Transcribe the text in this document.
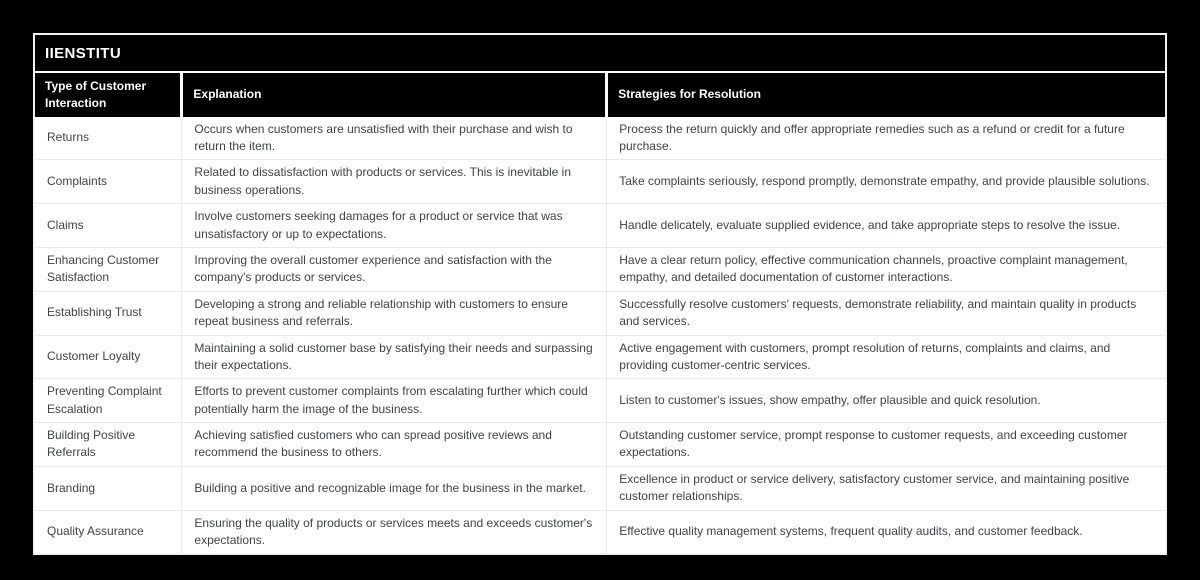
IIENSTITU
Type of Customer Interaction	Explanation	Strategies for Resolution
Returns	Occurs when customers are unsatisfied with their purchase and wish to return the item.	Process the return quickly and offer appropriate remedies such as a refund or credit for a future purchase.
Complaints	Related to dissatisfaction with products or services. This is inevitable in business operations.	Take complaints seriously, respond promptly, demonstrate empathy, and provide plausible solutions.
Claims	Involve customers seeking damages for a product or service that was unsatisfactory or up to expectations.	Handle delicately, evaluate supplied evidence, and take appropriate steps to resolve the issue.
Enhancing Customer Satisfaction	Improving the overall customer experience and satisfaction with the company's products or services.	Have a clear return policy, effective communication channels, proactive complaint management, empathy, and detailed documentation of customer interactions.
Establishing Trust	Developing a strong and reliable relationship with customers to ensure repeat business and referrals.	Successfully resolve customers' requests, demonstrate reliability, and maintain quality in products and services.
Customer Loyalty	Maintaining a solid customer base by satisfying their needs and surpassing their expectations.	Active engagement with customers, prompt resolution of returns, complaints and claims, and providing customer-centric services.
Preventing Complaint Escalation	Efforts to prevent customer complaints from escalating further which could potentially harm the image of the business.	Listen to customer's issues, show empathy, offer plausible and quick resolution.
Building Positive Referrals	Achieving satisfied customers who can spread positive reviews and recommend the business to others.	Outstanding customer service, prompt response to customer requests, and exceeding customer expectations.
Branding	Building a positive and recognizable image for the business in the market.	Excellence in product or service delivery, satisfactory customer service, and maintaining positive customer relationships.
Quality Assurance	Ensuring the quality of products or services meets and exceeds customer's expectations.	Effective quality management systems, frequent quality audits, and customer feedback.
